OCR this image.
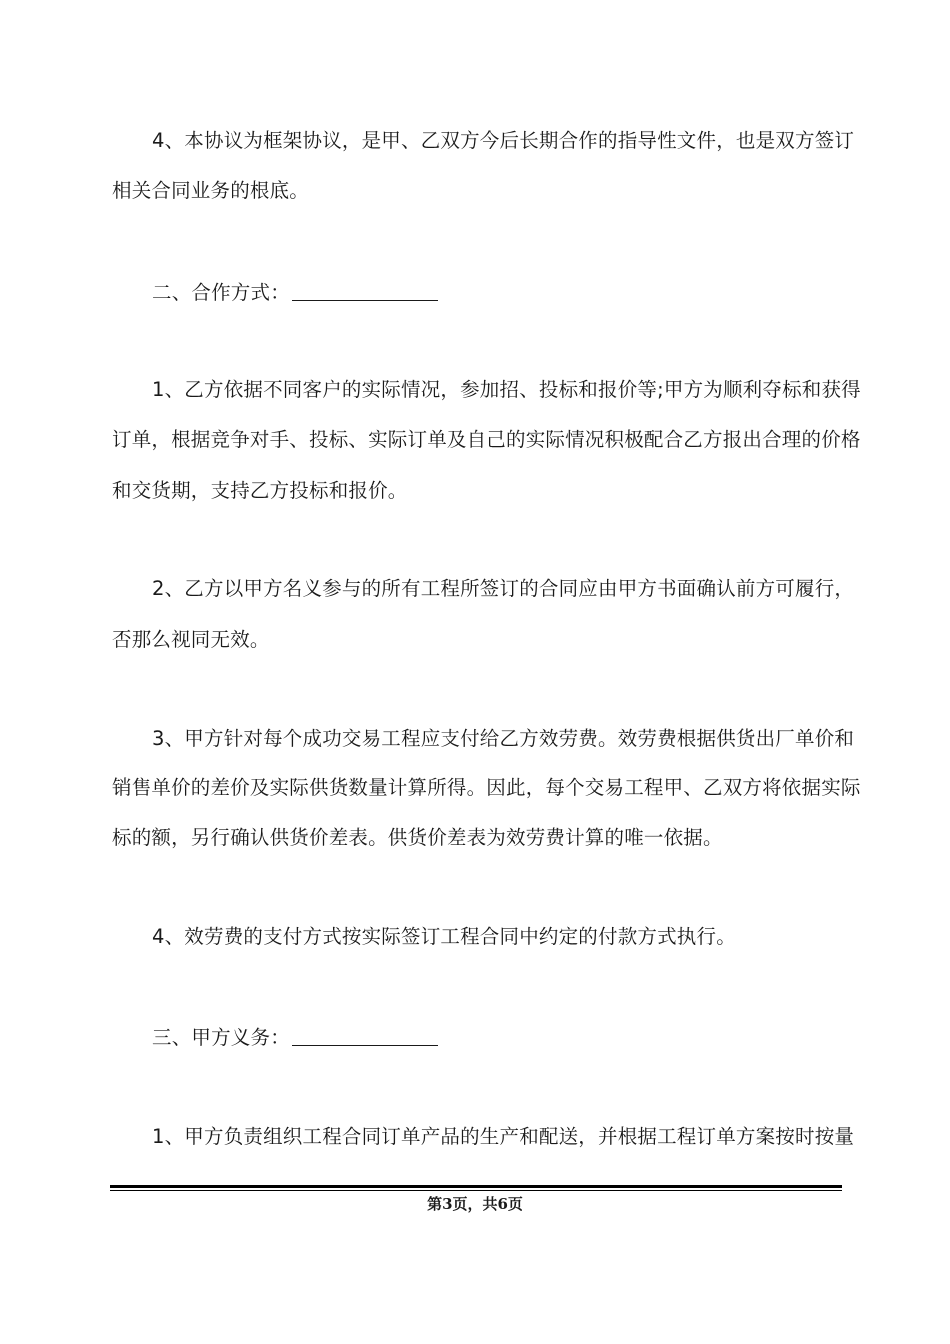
4、本协议为框架协议，是甲、乙双方今后长期合作的指导性文件，也是双方签订
相关合同业务的根底。
二、合作方式：
1、乙方依据不同客户的实际情况，参加招、投标和报价等;甲方为顺利夺标和获得
订单，根据竞争对手、投标、实际订单及自己的实际情况积极配合乙方报出合理的价格
和交货期，支持乙方投标和报价。
2、乙方以甲方名义参与的所有工程所签订的合同应由甲方书面确认前方可履行，
否那么视同无效。
3、甲方针对每个成功交易工程应支付给乙方效劳费。效劳费根据供货出厂单价和
销售单价的差价及实际供货数量计算所得。因此，每个交易工程甲、乙双方将依据实际
标的额，另行确认供货价差表。供货价差表为效劳费计算的唯一依据。
4、效劳费的支付方式按实际签订工程合同中约定的付款方式执行。
三、甲方义务：
1、甲方负责组织工程合同订单产品的生产和配送，并根据工程订单方案按时按量
第3页，共6页
